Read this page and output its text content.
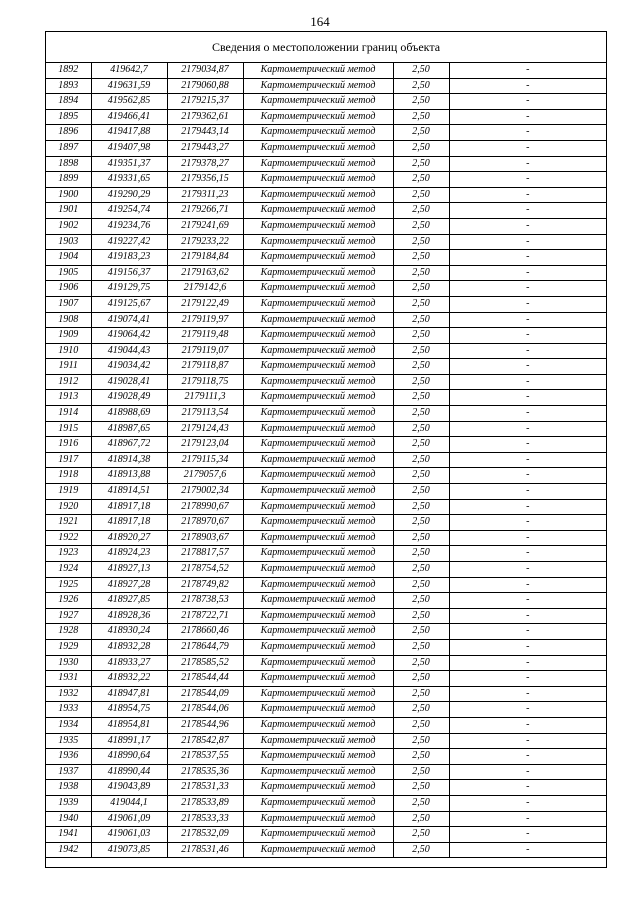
164
Сведения о местоположении границ объекта
1892	419642,7	2179034,87	Картометрический метод	2,50	-
1893	419631,59	2179060,88	Картометрический метод	2,50	-
1894	419562,85	2179215,37	Картометрический метод	2,50	-
1895	419466,41	2179362,61	Картометрический метод	2,50	-
1896	419417,88	2179443,14	Картометрический метод	2,50	-
1897	419407,98	2179443,27	Картометрический метод	2,50	-
1898	419351,37	2179378,27	Картометрический метод	2,50	-
1899	419331,65	2179356,15	Картометрический метод	2,50	-
1900	419290,29	2179311,23	Картометрический метод	2,50	-
1901	419254,74	2179266,71	Картометрический метод	2,50	-
1902	419234,76	2179241,69	Картометрический метод	2,50	-
1903	419227,42	2179233,22	Картометрический метод	2,50	-
1904	419183,23	2179184,84	Картометрический метод	2,50	-
1905	419156,37	2179163,62	Картометрический метод	2,50	-
1906	419129,75	2179142,6	Картометрический метод	2,50	-
1907	419125,67	2179122,49	Картометрический метод	2,50	-
1908	419074,41	2179119,97	Картометрический метод	2,50	-
1909	419064,42	2179119,48	Картометрический метод	2,50	-
1910	419044,43	2179119,07	Картометрический метод	2,50	-
1911	419034,42	2179118,87	Картометрический метод	2,50	-
1912	419028,41	2179118,75	Картометрический метод	2,50	-
1913	419028,49	2179111,3	Картометрический метод	2,50	-
1914	418988,69	2179113,54	Картометрический метод	2,50	-
1915	418987,65	2179124,43	Картометрический метод	2,50	-
1916	418967,72	2179123,04	Картометрический метод	2,50	-
1917	418914,38	2179115,34	Картометрический метод	2,50	-
1918	418913,88	2179057,6	Картометрический метод	2,50	-
1919	418914,51	2179002,34	Картометрический метод	2,50	-
1920	418917,18	2178990,67	Картометрический метод	2,50	-
1921	418917,18	2178970,67	Картометрический метод	2,50	-
1922	418920,27	2178903,67	Картометрический метод	2,50	-
1923	418924,23	2178817,57	Картометрический метод	2,50	-
1924	418927,13	2178754,52	Картометрический метод	2,50	-
1925	418927,28	2178749,82	Картометрический метод	2,50	-
1926	418927,85	2178738,53	Картометрический метод	2,50	-
1927	418928,36	2178722,71	Картометрический метод	2,50	-
1928	418930,24	2178660,46	Картометрический метод	2,50	-
1929	418932,28	2178644,79	Картометрический метод	2,50	-
1930	418933,27	2178585,52	Картометрический метод	2,50	-
1931	418932,22	2178544,44	Картометрический метод	2,50	-
1932	418947,81	2178544,09	Картометрический метод	2,50	-
1933	418954,75	2178544,06	Картометрический метод	2,50	-
1934	418954,81	2178544,96	Картометрический метод	2,50	-
1935	418991,17	2178542,87	Картометрический метод	2,50	-
1936	418990,64	2178537,55	Картометрический метод	2,50	-
1937	418990,44	2178535,36	Картометрический метод	2,50	-
1938	419043,89	2178531,33	Картометрический метод	2,50	-
1939	419044,1	2178533,89	Картометрический метод	2,50	-
1940	419061,09	2178533,33	Картометрический метод	2,50	-
1941	419061,03	2178532,09	Картометрический метод	2,50	-
1942	419073,85	2178531,46	Картометрический метод	2,50	-
